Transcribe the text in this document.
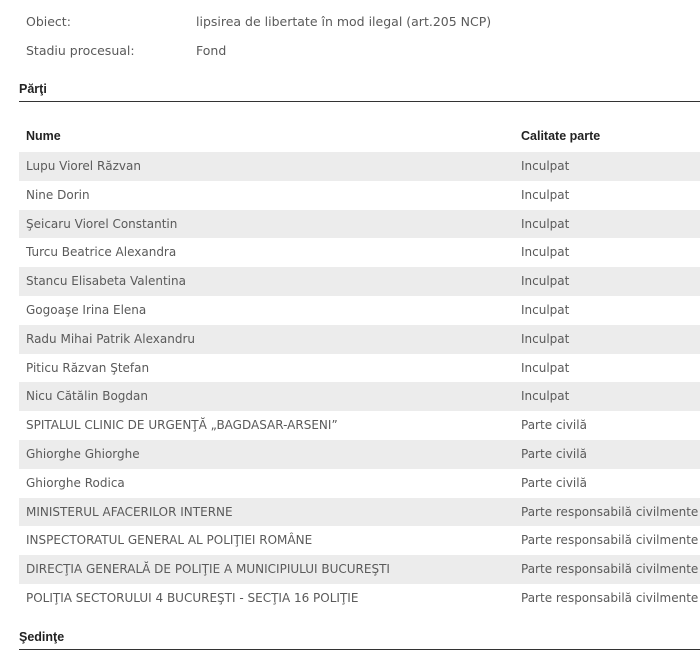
Obiect:	lipsirea de libertate în mod ilegal (art.205 NCP)
Stadiu procesual:	Fond
Părţi
Nume	Calitate parte
Lupu Viorel Răzvan	Inculpat
Nine Dorin	Inculpat
Şeicaru Viorel Constantin	Inculpat
Turcu Beatrice Alexandra	Inculpat
Stancu Elisabeta Valentina	Inculpat
Gogoaşe Irina Elena	Inculpat
Radu Mihai Patrik Alexandru	Inculpat
Piticu Răzvan Ştefan	Inculpat
Nicu Cătălin Bogdan	Inculpat
SPITALUL CLINIC DE URGENŢĂ „BAGDASAR-ARSENI”	Parte civilă
Ghiorghe Ghiorghe	Parte civilă
Ghiorghe Rodica	Parte civilă
MINISTERUL AFACERILOR INTERNE	Parte responsabilă civilmente
INSPECTORATUL GENERAL AL POLIŢIEI ROMÂNE	Parte responsabilă civilmente
DIRECŢIA GENERALĂ DE POLIŢIE A MUNICIPIULUI BUCUREŞTI	Parte responsabilă civilmente
POLIŢIA SECTORULUI 4 BUCUREŞTI - SECŢIA 16 POLIŢIE	Parte responsabilă civilmente
Şedinţe
